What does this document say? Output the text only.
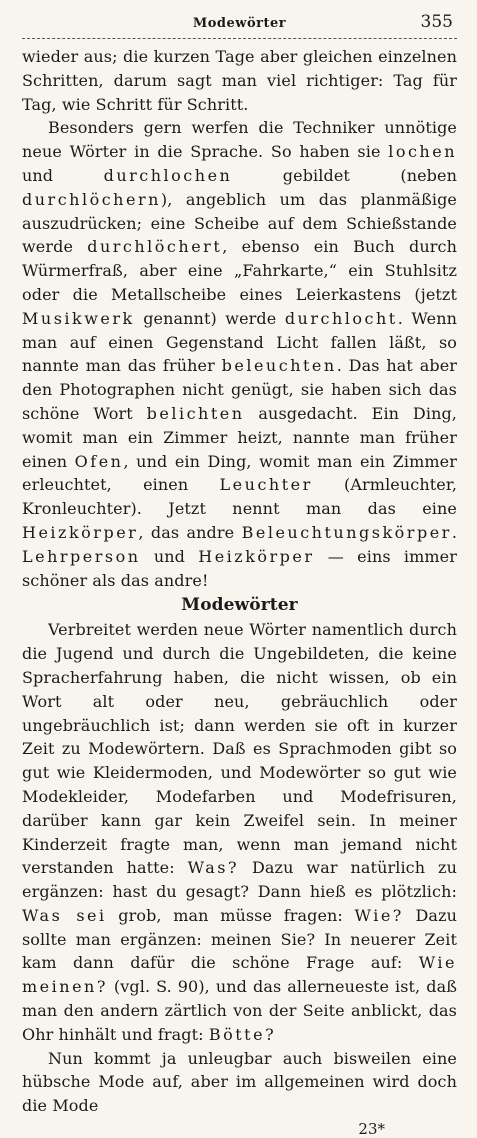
Modewörter	355

wieder aus; die kurzen Tage aber gleichen einzelnen Schritten, darum sagt man viel richtiger: Tag für Tag, wie Schritt für Schritt.

Besonders gern werfen die Techniker unnötige neue Wörter in die Sprache. So haben sie lochen und durchlochen gebildet (neben durchlöchern), angeblich um das planmäßige auszudrücken; eine Scheibe auf dem Schießstande werde durchlöchert, ebenso ein Buch durch Würmerfraß, aber eine „Fahrkarte,“ ein Stuhlsitz oder die Metallscheibe eines Leierkastens (jetzt Musikwerk genannt) werde durchlocht. Wenn man auf einen Gegenstand Licht fallen läßt, so nannte man das früher beleuchten. Das hat aber den Photographen nicht genügt, sie haben sich das schöne Wort belichten ausgedacht. Ein Ding, womit man ein Zimmer heizt, nannte man früher einen Ofen, und ein Ding, womit man ein Zimmer erleuchtet, einen Leuchter (Armleuchter, Kronleuchter). Jetzt nennt man das eine Heizkörper, das andre Beleuchtungskörper. Lehrperson und Heizkörper — eins immer schöner als das andre!

Modewörter

Verbreitet werden neue Wörter namentlich durch die Jugend und durch die Ungebildeten, die keine Spracherfahrung haben, die nicht wissen, ob ein Wort alt oder neu, gebräuchlich oder ungebräuchlich ist; dann werden sie oft in kurzer Zeit zu Modewörtern. Daß es Sprachmoden gibt so gut wie Kleidermoden, und Modewörter so gut wie Modekleider, Modefarben und Modefrisuren, darüber kann gar kein Zweifel sein. In meiner Kinderzeit fragte man, wenn man jemand nicht verstanden hatte: Was? Dazu war natürlich zu ergänzen: hast du gesagt? Dann hieß es plötzlich: Was sei grob, man müsse fragen: Wie? Dazu sollte man ergänzen: meinen Sie? In neuerer Zeit kam dann dafür die schöne Frage auf: Wie meinen? (vgl. S. 90), und das allerneueste ist, daß man den andern zärtlich von der Seite anblickt, das Ohr hinhält und fragt: Bötte?

Nun kommt ja unleugbar auch bisweilen eine hübsche Mode auf, aber im allgemeinen wird doch die Mode

23*
